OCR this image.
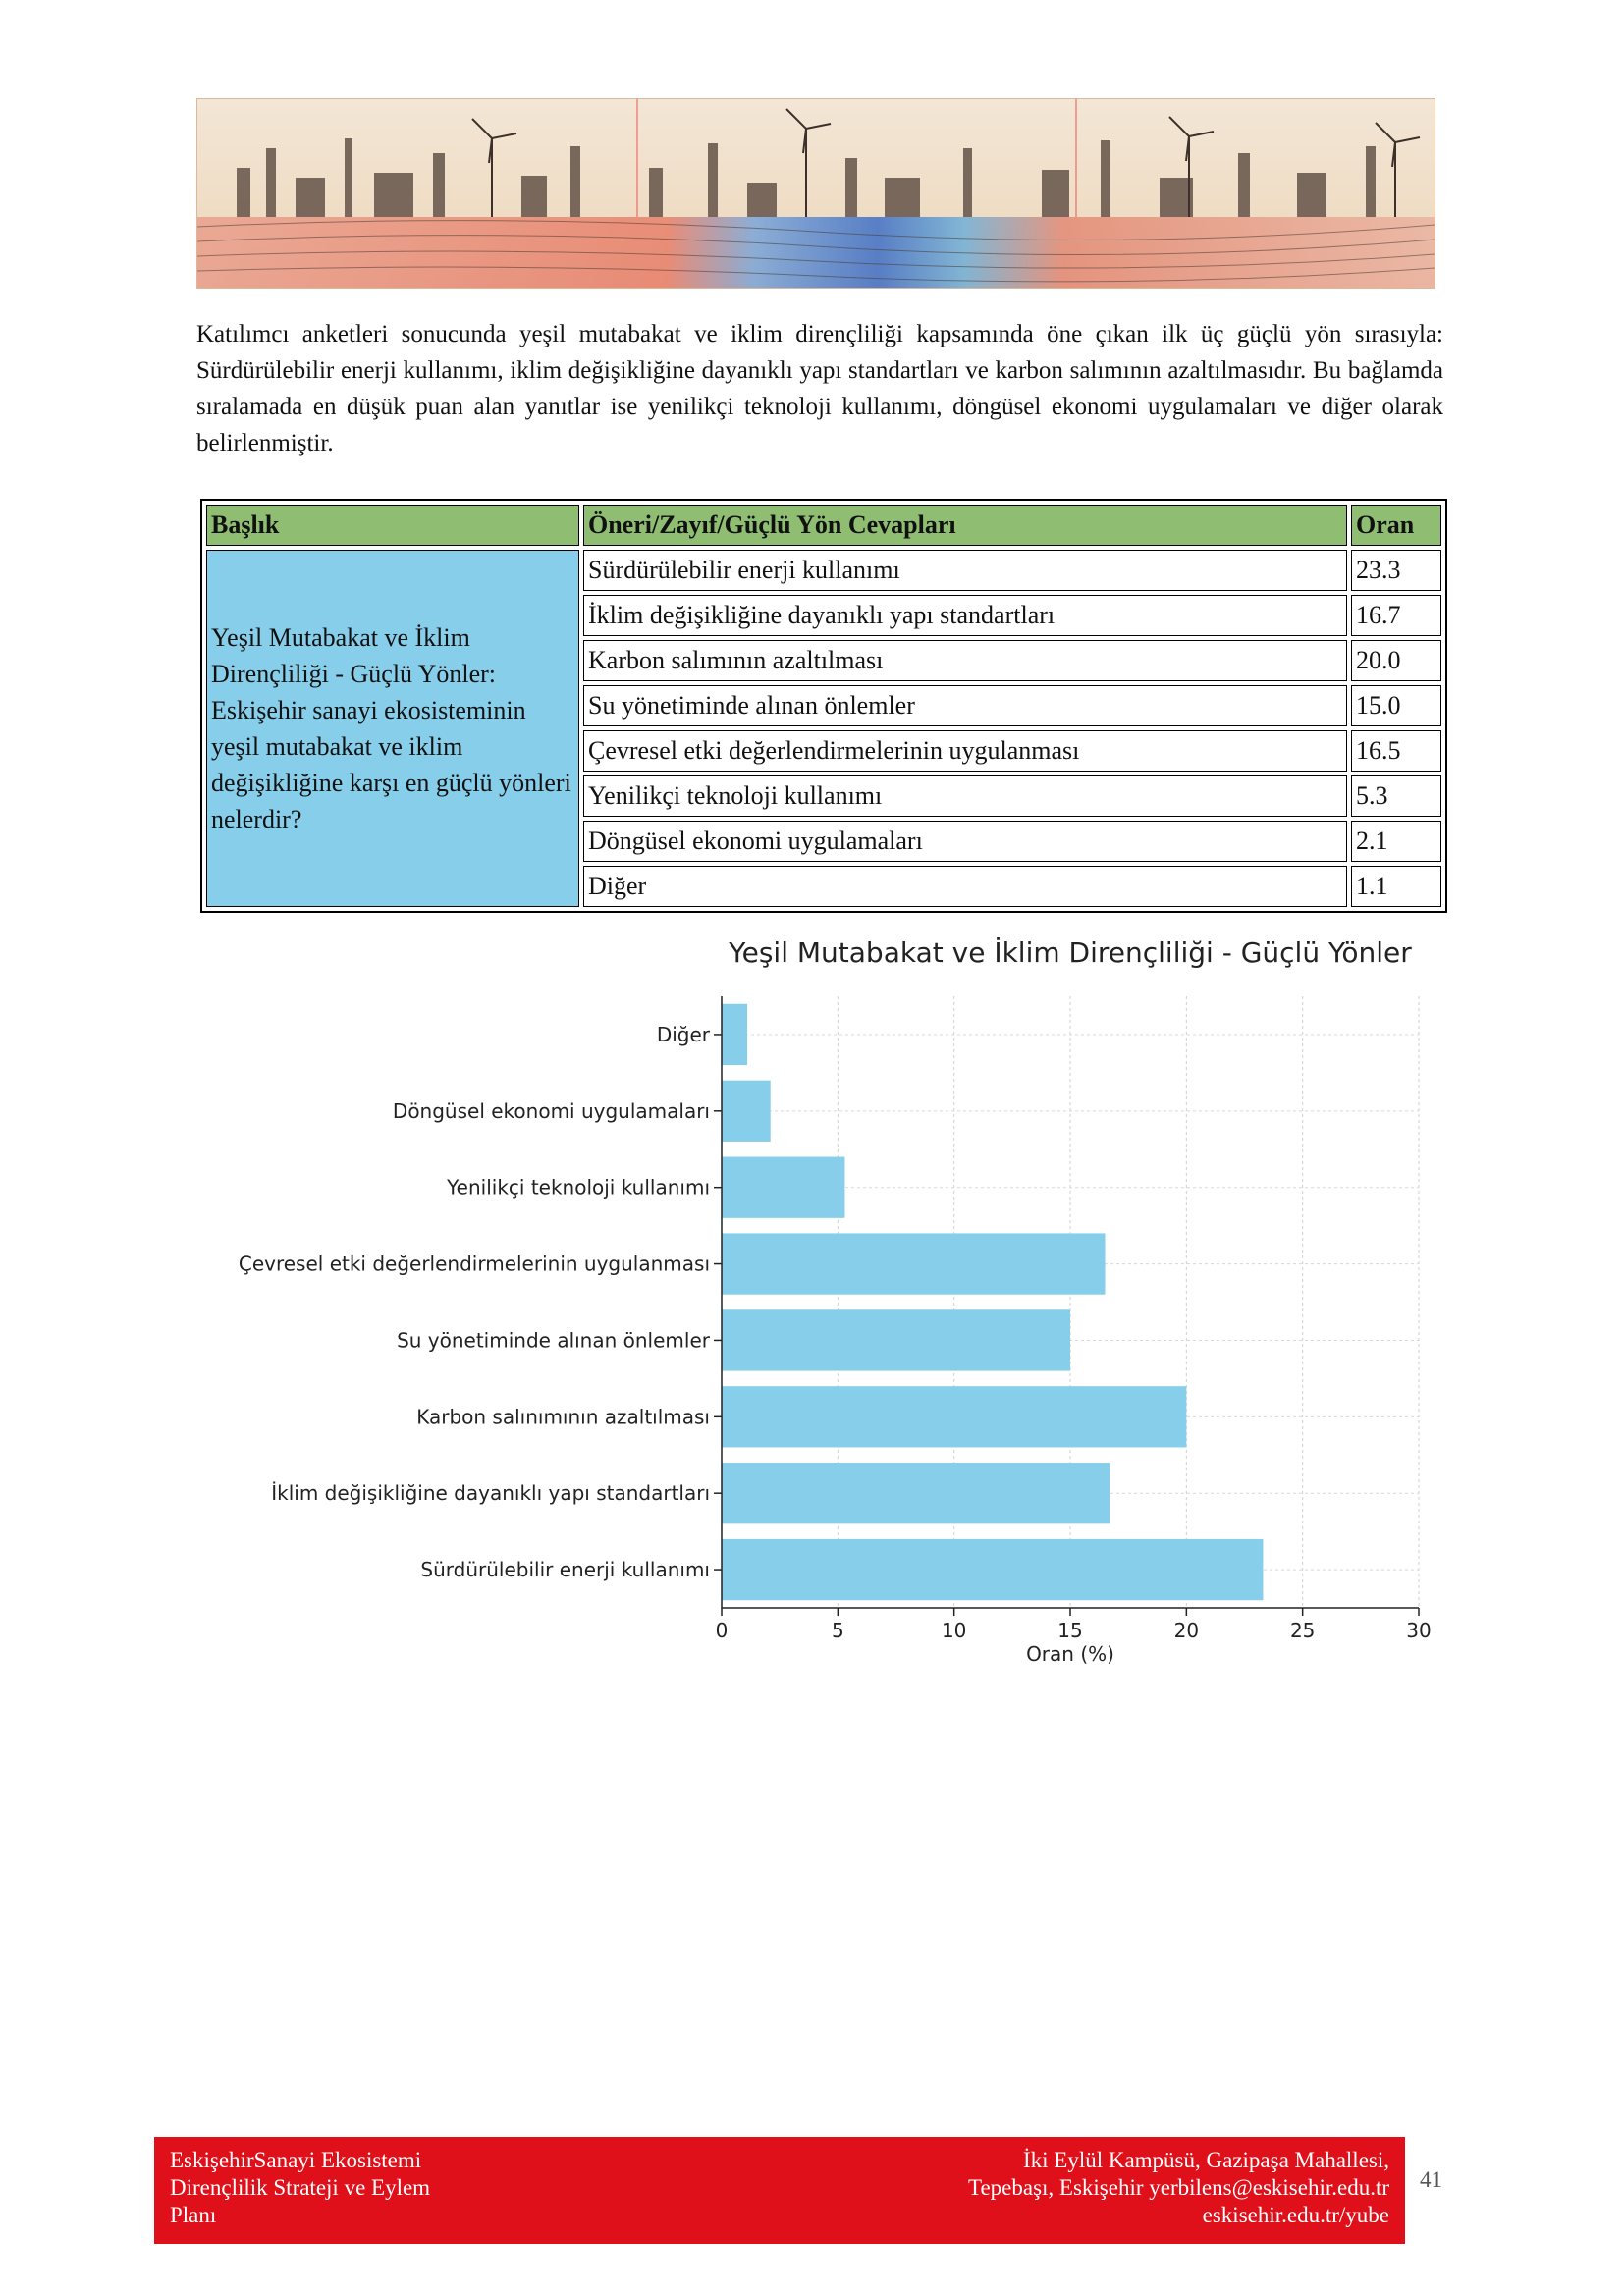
Katılımcı anketleri sonucunda yeşil mutabakat ve iklim dirençliliği kapsamında öne çıkan ilk üç güçlü yön sırasıyla: Sürdürülebilir enerji kullanımı, iklim değişikliğine dayanıklı yapı standartları ve karbon salımının azaltılmasıdır. Bu bağlamda sıralamada en düşük puan alan yanıtlar ise yenilikçi teknoloji kullanımı, döngüsel ekonomi uygulamaları ve diğer olarak belirlenmiştir.

Başlık	Öneri/Zayıf/Güçlü Yön Cevapları	Oran
Yeşil Mutabakat ve İklim Dirençliliği - Güçlü Yönler: Eskişehir sanayi ekosisteminin yeşil mutabakat ve iklim değişikliğine karşı en güçlü yönleri nelerdir?	Sürdürülebilir enerji kullanımı	23.3
	İklim değişikliğine dayanıklı yapı standartları	16.7
	Karbon salımının azaltılması	20.0
	Su yönetiminde alınan önlemler	15.0
	Çevresel etki değerlendirmelerinin uygulanması	16.5
	Yenilikçi teknoloji kullanımı	5.3
	Döngüsel ekonomi uygulamaları	2.1
	Diğer	1.1
Yeşil Mutabakat ve İklim Dirençliliği - Güçlü Yönler
0	5	10	15	20	25	30
Sürdürülebilir enerji kullanımı
İklim değişikliğine dayanıklı yapı standartları
Karbon salınımının azaltılması
Su yönetiminde alınan önlemler
Çevresel etki değerlendirmelerinin uygulanması
Yenilikçi teknoloji kullanımı
Döngüsel ekonomi uygulamaları
Diğer
Oran (%)
EskişehirSanayi Ekosistemi
Dirençlilik Strateji ve Eylem
Planı
İki Eylül Kampüsü, Gazipaşa Mahallesi,
Tepebaşı, Eskişehir yerbilens@eskisehir.edu.tr
eskisehir.edu.tr/yube
41
